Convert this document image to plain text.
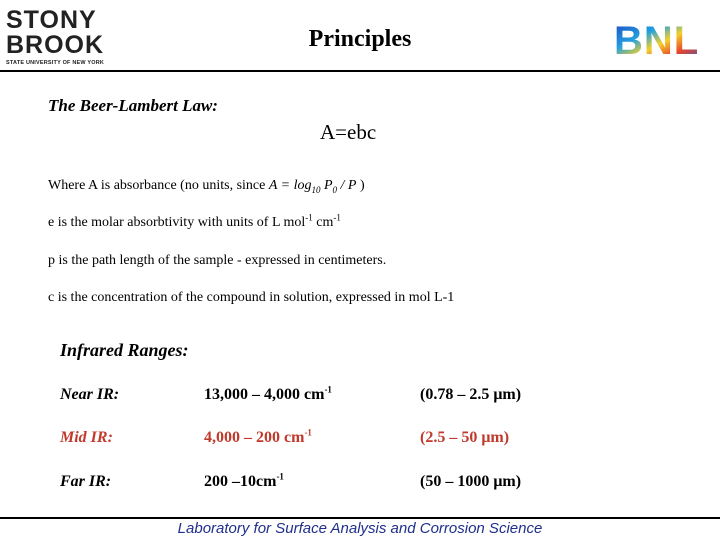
STONY
BROOK
STATE UNIVERSITY OF NEW YORK
Principles	BNL
The Beer-Lambert Law:
A=ebc
Where A is absorbance (no units, since $A = \log_{10} P_0 / P$ )
e is the molar absorbtivity with units of L mol$^{-1}$ $cm^{-1}$
p is the path length of the sample - expressed in centimeters.
c is the concentration of the compound in solution, expressed in mol L-1
Infrared Ranges:
Near IR:	13,000 – 4,000 $cm^{-1}$	(0.78 – 2.5 μm)
Mid IR:	4,000 – 200 $cm^{-1}$	(2.5 – 50 μm)
Far IR:	200 $-10cm^{-1}$	(50 – 1000 μm)
Laboratory for Surface Analysis and Corrosion Science
